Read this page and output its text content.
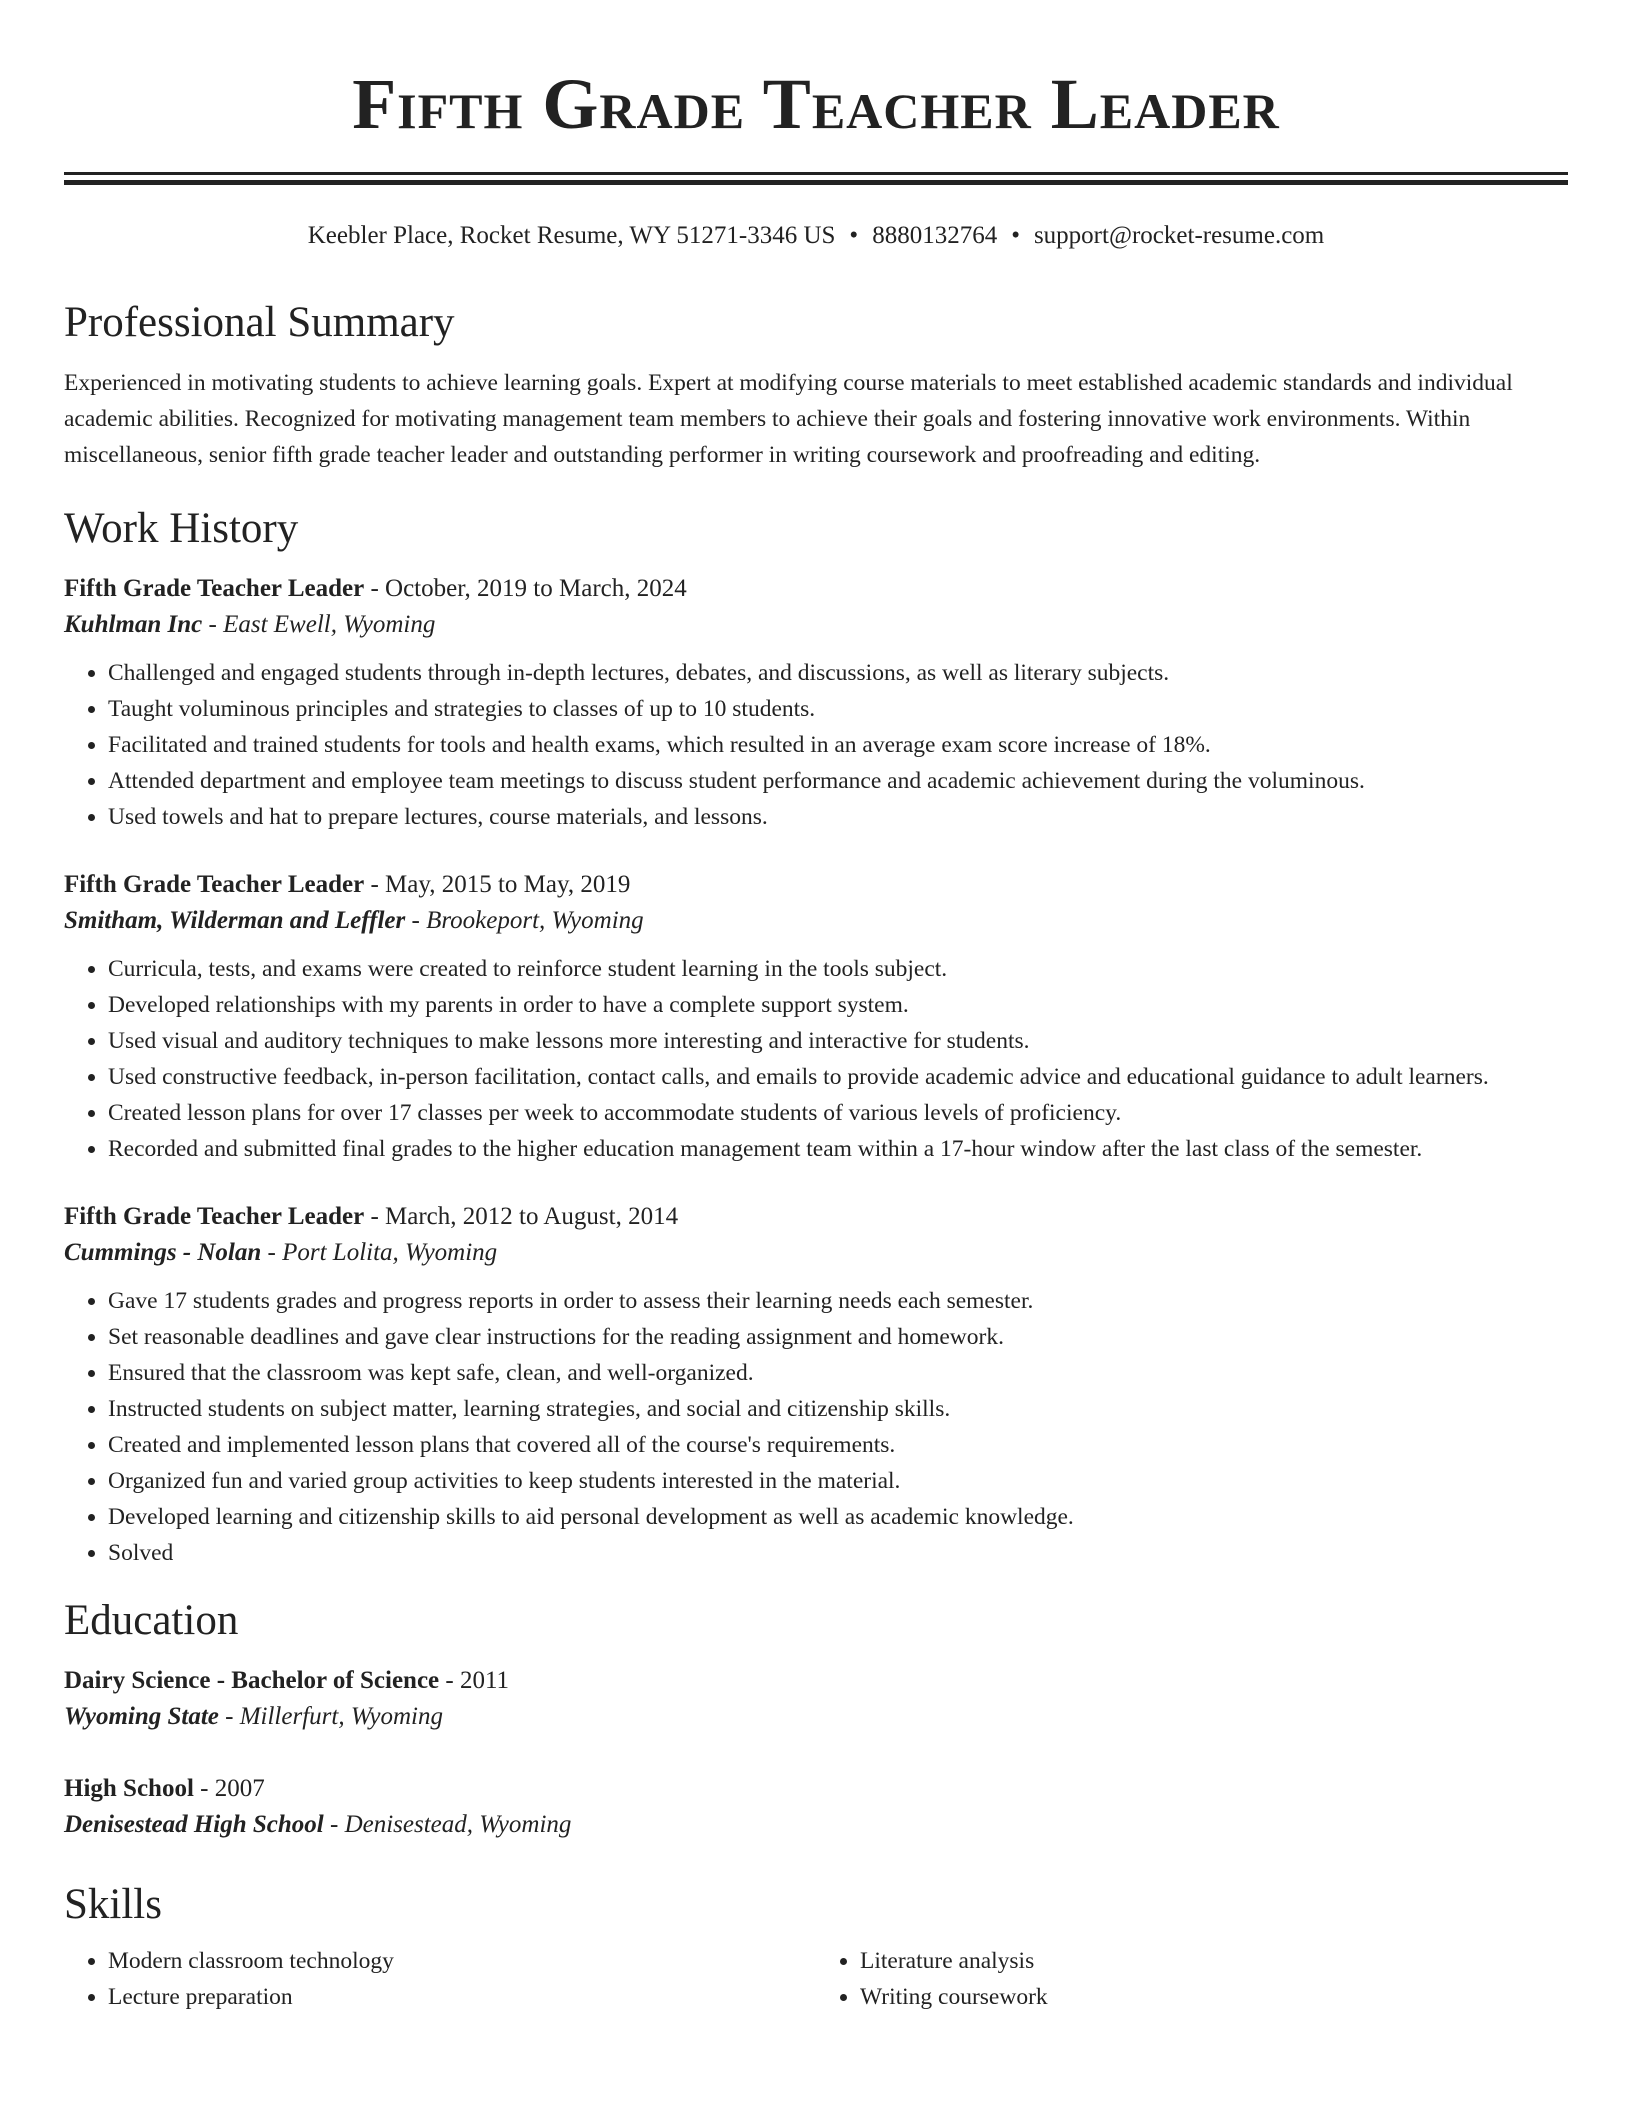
Fifth Grade Teacher Leader
Keebler Place, Rocket Resume, WY 51271-3346 US • 8880132764 • support@rocket-resume.com
Professional Summary

Experienced in motivating students to achieve learning goals. Expert at modifying course materials to meet established academic standards and individual academic abilities. Recognized for motivating management team members to achieve their goals and fostering innovative work environments. Within miscellaneous, senior fifth grade teacher leader and outstanding performer in writing coursework and proofreading and editing.

Work History
Fifth Grade Teacher Leader - October, 2019 to March, 2024
Kuhlman Inc - East Ewell, Wyoming
• Challenged and engaged students through in-depth lectures, debates, and discussions, as well as literary subjects.
• Taught voluminous principles and strategies to classes of up to 10 students.
• Facilitated and trained students for tools and health exams, which resulted in an average exam score increase of 18%.
• Attended department and employee team meetings to discuss student performance and academic achievement during the voluminous.
• Used towels and hat to prepare lectures, course materials, and lessons.
Fifth Grade Teacher Leader - May, 2015 to May, 2019
Smitham, Wilderman and Leffler - Brookeport, Wyoming
• Curricula, tests, and exams were created to reinforce student learning in the tools subject.
• Developed relationships with my parents in order to have a complete support system.
• Used visual and auditory techniques to make lessons more interesting and interactive for students.
• Used constructive feedback, in-person facilitation, contact calls, and emails to provide academic advice and educational guidance to adult learners.
• Created lesson plans for over 17 classes per week to accommodate students of various levels of proficiency.
• Recorded and submitted final grades to the higher education management team within a 17-hour window after the last class of the semester.
Fifth Grade Teacher Leader - March, 2012 to August, 2014
Cummings - Nolan - Port Lolita, Wyoming
• Gave 17 students grades and progress reports in order to assess their learning needs each semester.
• Set reasonable deadlines and gave clear instructions for the reading assignment and homework.
• Ensured that the classroom was kept safe, clean, and well-organized.
• Instructed students on subject matter, learning strategies, and social and citizenship skills.
• Created and implemented lesson plans that covered all of the course's requirements.
• Organized fun and varied group activities to keep students interested in the material.
• Developed learning and citizenship skills to aid personal development as well as academic knowledge.
• Solved
Education
Dairy Science - Bachelor of Science - 2011
Wyoming State - Millerfurt, Wyoming
High School - 2007
Denisestead High School - Denisestead, Wyoming
Skills
• Modern classroom technology
• Lecture preparation
• Literature analysis
• Writing coursework
